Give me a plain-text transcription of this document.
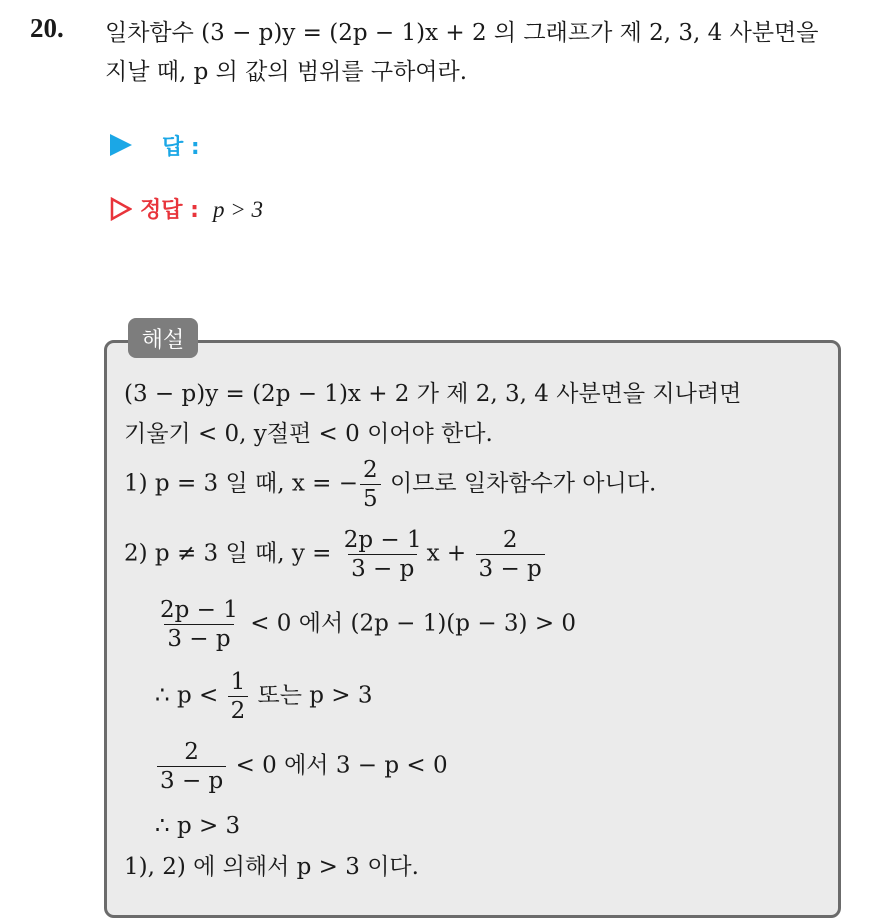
20. 일차함수 (3 − p)y = (2p − 1)x + 2 의 그래프가 제 2, 3, 4 사분면을
지날 때, p 의 값의 범위를 구하여라.
답 :
정답 : p > 3
해설
(3 − p)y = (2p − 1)x + 2 가 제 2, 3, 4 사분면을 지나려면
기울기 < 0, y절편 < 0 이어야 한다.
1) p = 3 일 때, x = − $\frac{2}{5}$ 이므로 일차함수가 아니다.
2) p ≠ 3 일 때, $y = \frac{2p - 1}{3 - p}$ $x + \frac{2}{3 - p}$
$\frac{2p - 1}{3 - p} < 0$ 에서 (2p − 1)(p − 3) > 0
∴ $p < \frac{1}{2}$ 또는 p > 3
$\frac{2}{3 - p} < 0$ 에서 3 − p < 0
∴ p > 3
1), 2) 에 의해서 p > 3 이다.
